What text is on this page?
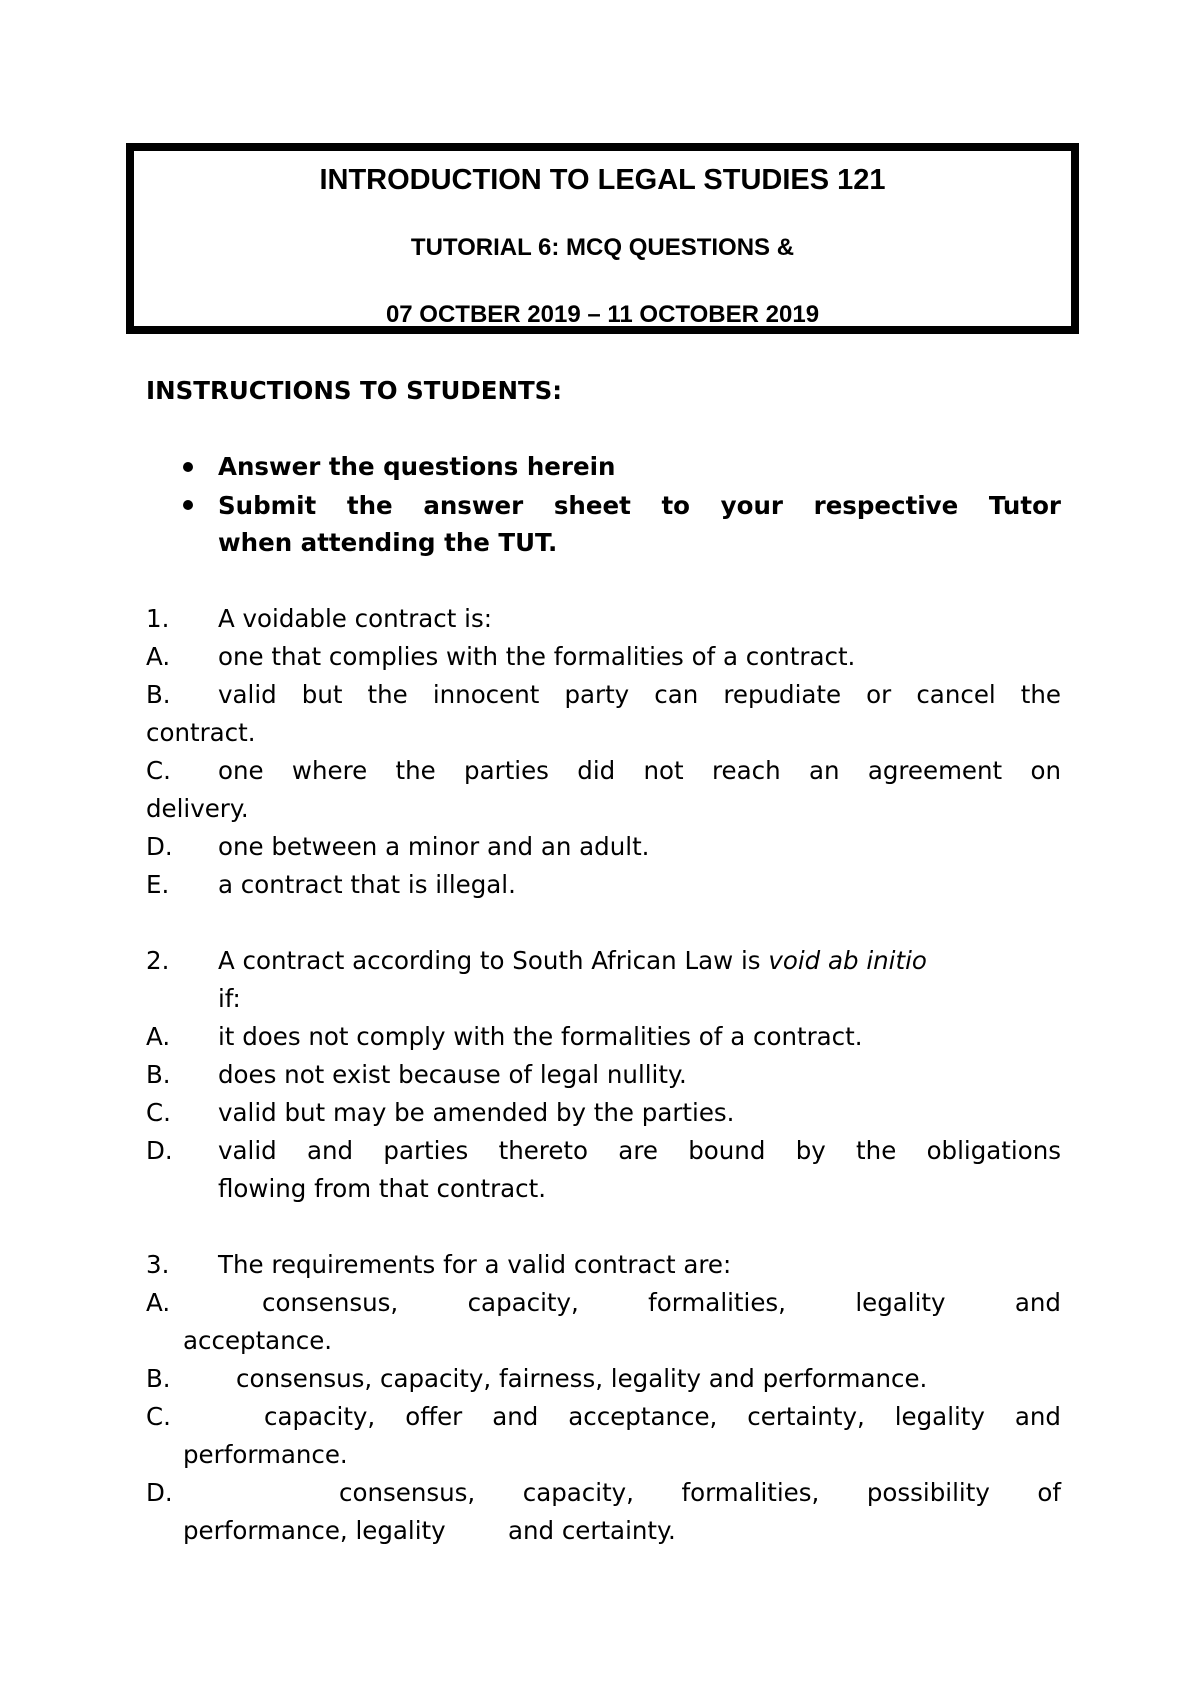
INTRODUCTION TO LEGAL STUDIES 121
TUTORIAL 6: MCQ QUESTIONS &
07 OCTBER 2019 – 11 OCTOBER 2019
INSTRUCTIONS TO STUDENTS:
Answer the questions herein
Submit the answer sheet to your respective Tutor
when attending the TUT.
1. A voidable contract is:
A. one that complies with the formalities of a contract.
B. valid but the innocent party can repudiate or cancel the
contract.
C. one where the parties did not reach an agreement on
delivery.
D. one between a minor and an adult.
E. a contract that is illegal.
2. A contract according to South African Law is void ab initio
if:
A. it does not comply with the formalities of a contract.
B. does not exist because of legal nullity.
C. valid but may be amended by the parties.
D. valid and parties thereto are bound by the obligations
flowing from that contract.
3. The requirements for a valid contract are:
A.	consensus, capacity, formalities, legality and
acceptance.
B.	consensus, capacity, fairness, legality and performance.
C.	capacity, offer and acceptance, certainty, legality and
performance.
D.	consensus, capacity, formalities, possibility of
performance, legality        and certainty.
